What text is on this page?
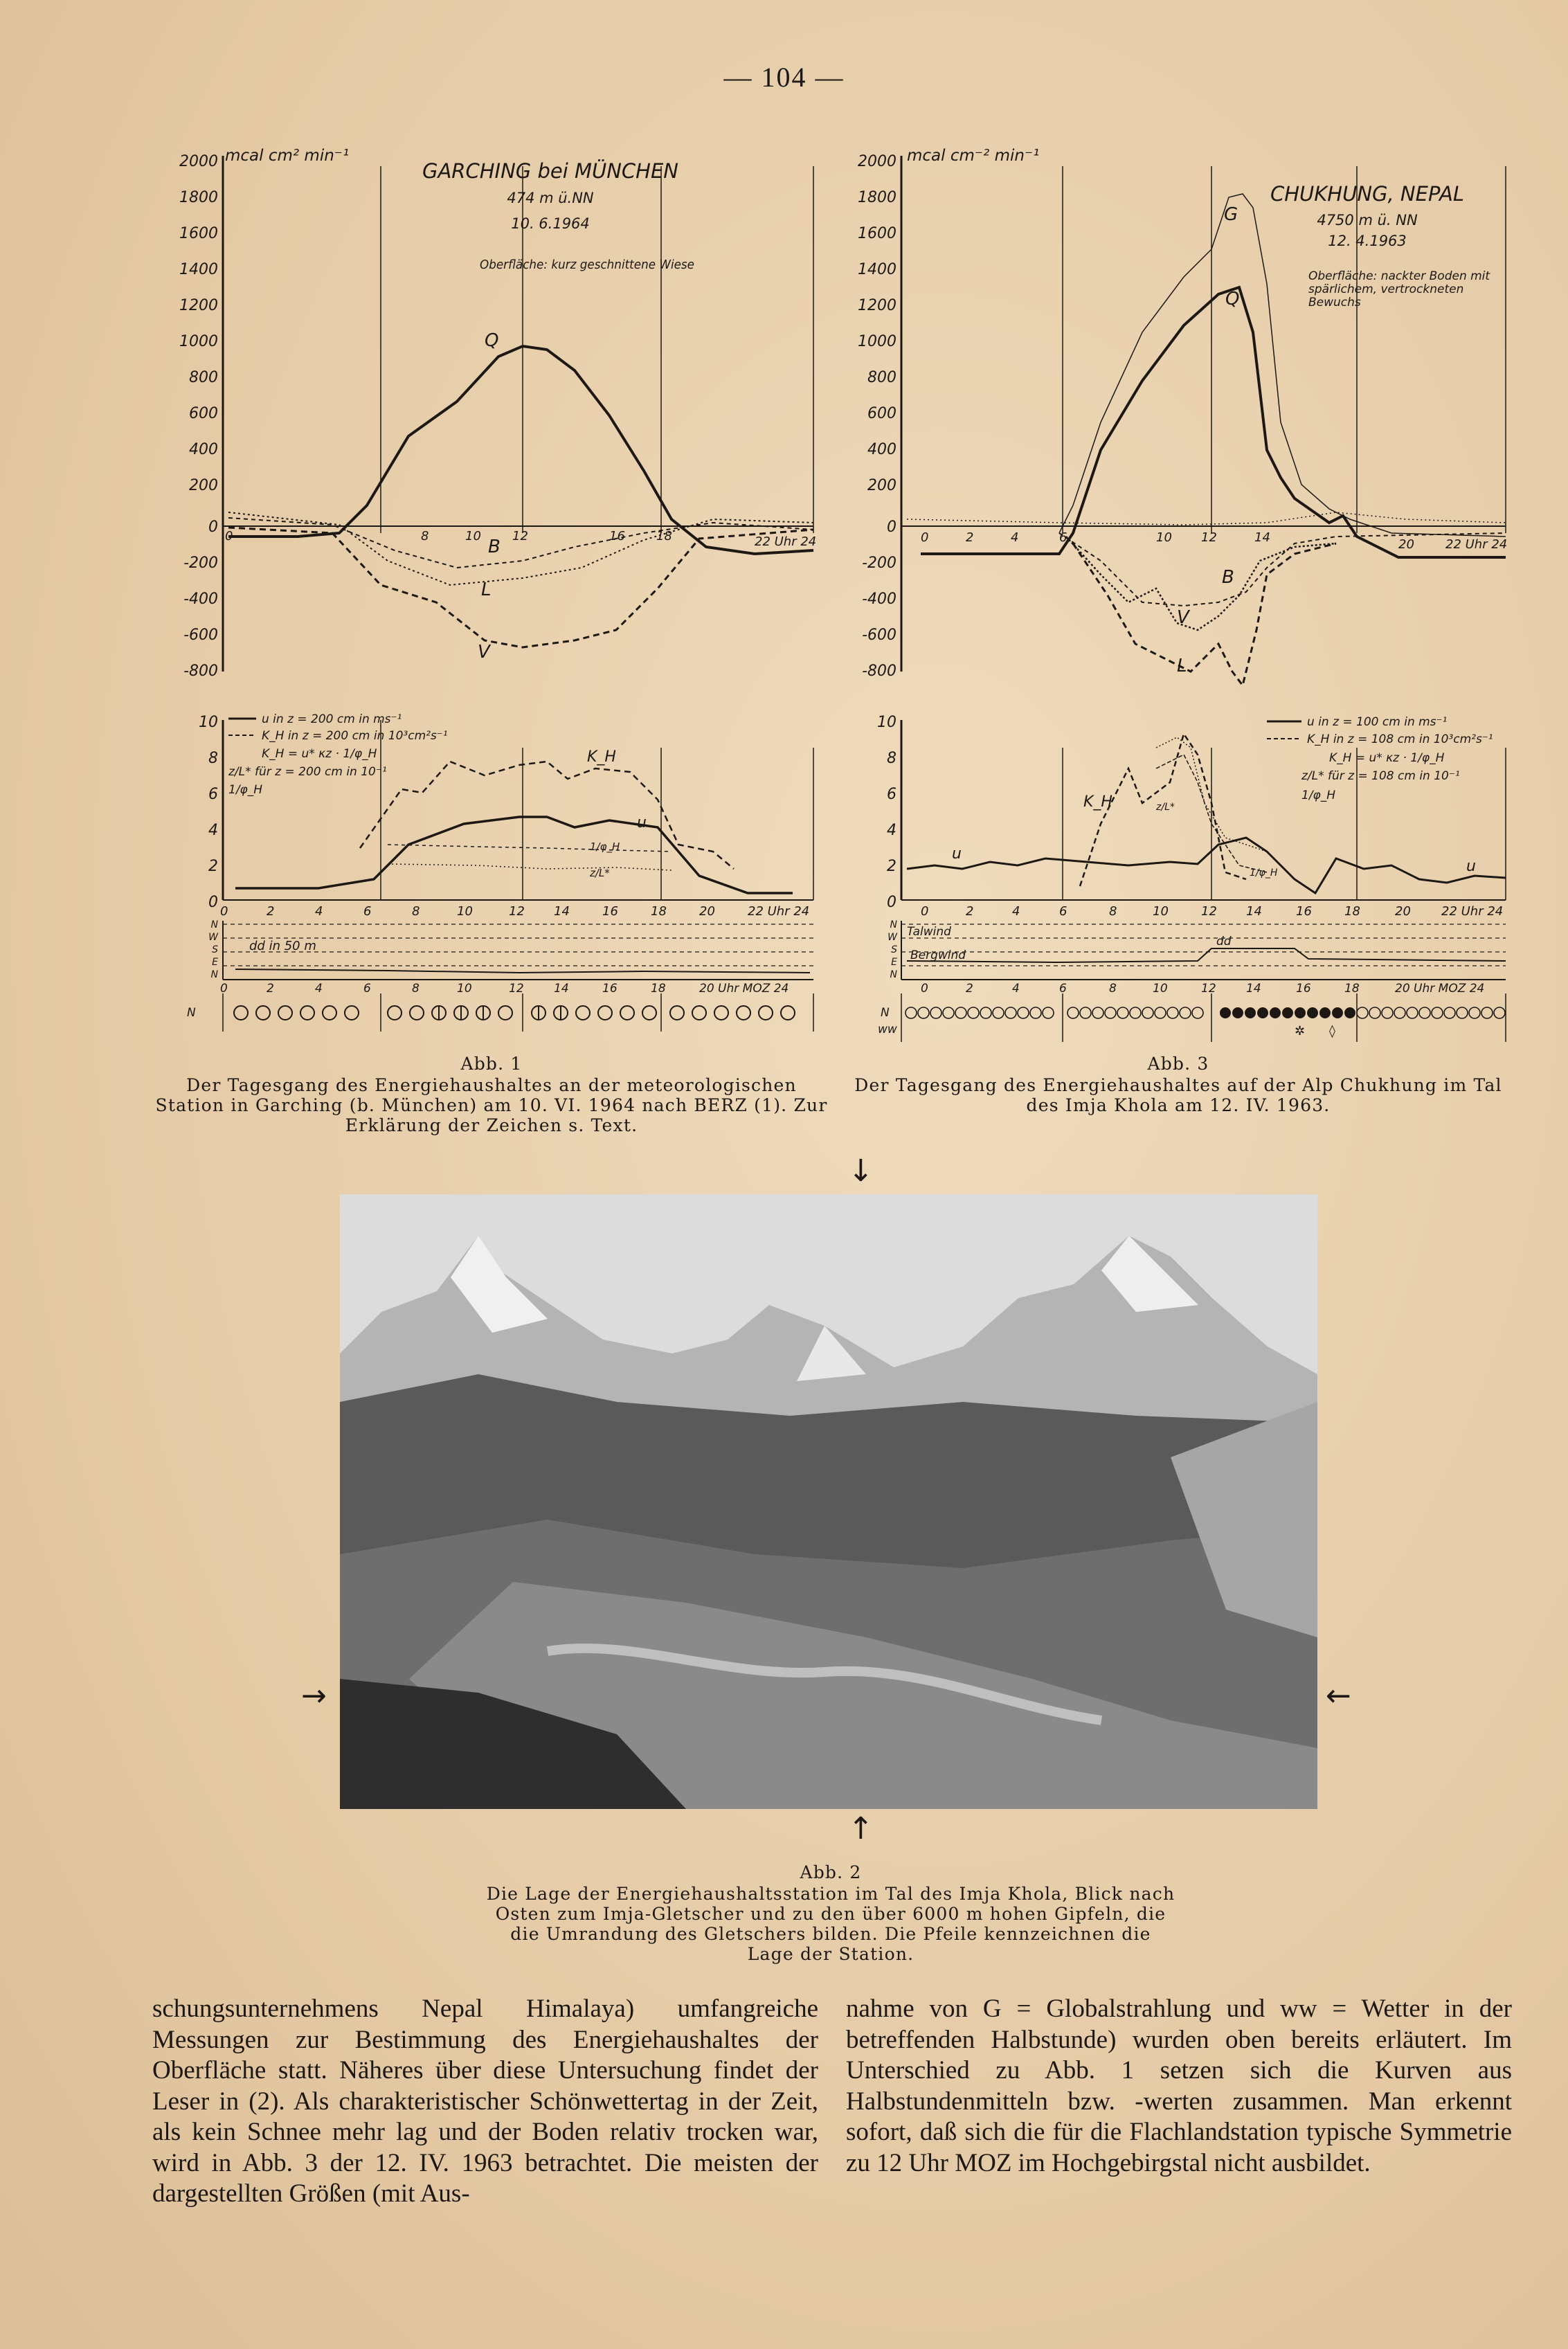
— 104 —
mcal cm² min⁻¹
2000
1800
1600
1400
1200
1000
800
600
400
200
0
-200
-400
-600
-800
0	8	10	12	16	18	22 Uhr 24
GARCHING bei MÜNCHEN
474 m ü.NN
10. 6.1964
Oberfläche: kurz geschnittene Wiese
Q
B
L
V
10
8
6
4
2
0
0	2	4	6	8	10	12 14	16	18	20	22 Uhr 24
u in z = 200 cm in ms⁻¹
K_H in z = 200 cm in 10³cm²s⁻¹
K_H = u* κz · 1/φ_H
z/L* für z = 200 cm in 10⁻¹
1/φ_H
K_H
u
1/φ_H
z/L*
N
W
S
E
N
dd in 50 m
0	2	4	6	8	10	12	14	16	18	20 Uhr MOZ 24
N
Abb. 1
Der Tagesgang des Energiehaushaltes an der meteorologischen Station in Garching (b. München) am 10. VI. 1964 nach BERZ (1). Zur Erklärung der Zeichen s. Text.
mcal cm⁻² min⁻¹
2000
1800
1600
1400
1200
1000
800
600
400
200
0
-200
-400
-600
-800
0	2	4	6	10 12	14	20	22 Uhr 24
CHUKHUNG, NEPAL
4750 m ü. NN
12. 4.1963
Oberfläche: nackter Boden mit spärlichem, vertrockneten Bewuchs
G
Q
B
V
L
10
8
6
4
2
0
0	2	4	6	8	10	12 14	16	18	20 22 Uhr 24
u in z = 100 cm in ms⁻¹
K_H in z = 108 cm in 10³cm²s⁻¹
K_H = u* κz · 1/φ_H
z/L* für z = 108 cm in 10⁻¹
1/φ_H
K_H
u
u
z/L*
1/φ_H
N
W
S
E
N
Talwind
Bergwind
dd
0	2	4	6	8	10	12	14	16	18	20 Uhr MOZ 24
N
ww	✲ ◊
Abb. 3
Der Tagesgang des Energiehaushaltes auf der Alp Chukhung im Tal des Imja Khola am 12. IV. 1963.
↓
→	←
↑
Abb. 2
Die Lage der Energiehaushaltsstation im Tal des Imja Khola, Blick nach Osten zum Imja-Gletscher und zu den über 6000 m hohen Gipfeln, die die Umrandung des Gletschers bilden. Die Pfeile kennzeichnen die Lage der Station.

schungsunternehmens Nepal Himalaya) umfangreiche Messungen zur Bestimmung des Energiehaushaltes der Oberfläche statt. Näheres über diese Untersuchung findet der Leser in (2). Als charakteristischer Schönwettertag in der Zeit, als kein Schnee mehr lag und der Boden relativ trocken war, wird in Abb. 3 der 12. IV. 1963 betrachtet. Die meisten der dargestellten Größen (mit Aus-

nahme von G = Globalstrahlung und ww = Wetter in der betreffenden Halbstunde) wurden oben bereits erläutert. Im Unterschied zu Abb. 1 setzen sich die Kurven aus Halbstundenmitteln bzw. -werten zusammen. Man erkennt sofort, daß sich die für die Flachlandstation typische Symmetrie zu 12 Uhr MOZ im Hochgebirgstal nicht ausbildet.
